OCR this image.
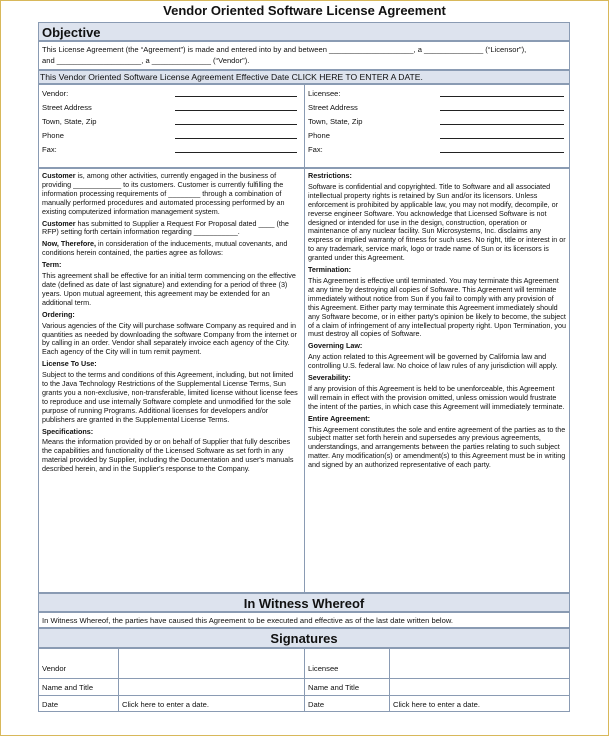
Vendor Oriented Software License Agreement
Objective
This License Agreement (the “Agreement”) is made and entered into by and between ____________________, a ______________ (“Licensor”),
and ____________________, a ______________ (“Vendor”).
This Vendor Oriented Software License Agreement Effective Date CLICK HERE TO ENTER A DATE.
Vendor:
Street Address
Town, State, Zip
Phone
Fax:
Licensee:
Street Address
Town, State, Zip
Phone
Fax:

Customer is, among other activities, currently engaged in the business of providing ____________ to its customers. Customer is currently fulfilling the information processing requirements of ________ through a combination of manually performed procedures and automated processing performed by an existing computerized information management system.

Customer has submitted to Supplier a Request For Proposal dated ____ (the RFP) setting forth certain information regarding ___________.

Now, Therefore, in consideration of the inducements, mutual covenants, and conditions herein contained, the parties agree as follows:

Term:

This agreement shall be effective for an initial term commencing on the effective date (defined as date of last signature) and extending for a period of three (3) years. Upon mutual agreement, this agreement may be extended for an additional term.

Ordering:

Various agencies of the City will purchase software Company as required and in quantities as needed by downloading the software Company from the internet or by calling in an order. Vendor shall separately invoice each agency of the City. Each agency of the City will in turn remit payment.

License To Use:

Subject to the terms and conditions of this Agreement, including, but not limited to the Java Technology Restrictions of the Supplemental License Terms, Sun grants you a non-exclusive, non-transferable, limited license without license fees to reproduce and use internally Software complete and unmodified for the sole purpose of running Programs. Additional licenses for developers and/or publishers are granted in the Supplemental License Terms.

Specifications:

Means the information provided by or on behalf of Supplier that fully describes the capabilities and functionality of the Licensed Software as set forth in any material provided by Supplier, including the Documentation and user's manuals described herein, and in the Supplier's response to the Company.

Restrictions:

Software is confidential and copyrighted. Title to Software and all associated intellectual property rights is retained by Sun and/or its licensors. Unless enforcement is prohibited by applicable law, you may not modify, decompile, or reverse engineer Software. You acknowledge that Licensed Software is not designed or intended for use in the design, construction, operation or maintenance of any nuclear facility. Sun Microsystems, Inc. disclaims any express or implied warranty of fitness for such uses. No right, title or interest in or to any trademark, service mark, logo or trade name of Sun or its licensors is granted under this Agreement.

Termination:

This Agreement is effective until terminated. You may terminate this Agreement at any time by destroying all copies of Software. This Agreement will terminate immediately without notice from Sun if you fail to comply with any provision of this Agreement. Either party may terminate this Agreement immediately should any Software become, or in either party's opinion be likely to become, the subject of a claim of infringement of any intellectual property right. Upon Termination, you must destroy all copies of Software.

Governing Law:

Any action related to this Agreement will be governed by California law and controlling U.S. federal law. No choice of law rules of any jurisdiction will apply.

Severability:

If any provision of this Agreement is held to be unenforceable, this Agreement will remain in effect with the provision omitted, unless omission would frustrate the intent of the parties, in which case this Agreement will immediately terminate.

Entire Agreement:

This Agreement constitutes the sole and entire agreement of the parties as to the subject matter set forth herein and supersedes any previous agreements, understandings, and arrangements between the parties relating to such subject matter. Any modification(s) or amendment(s) to this Agreement must be in writing and signed by an authorized representative of each party.

In Witness Whereof
In Witness Whereof, the parties have caused this Agreement to be executed and effective as of the last date written below.
Signatures
Vendor
Name and Title
Date	Click here to enter a date.
Licensee
Name and Title
Date	Click here to enter a date.
